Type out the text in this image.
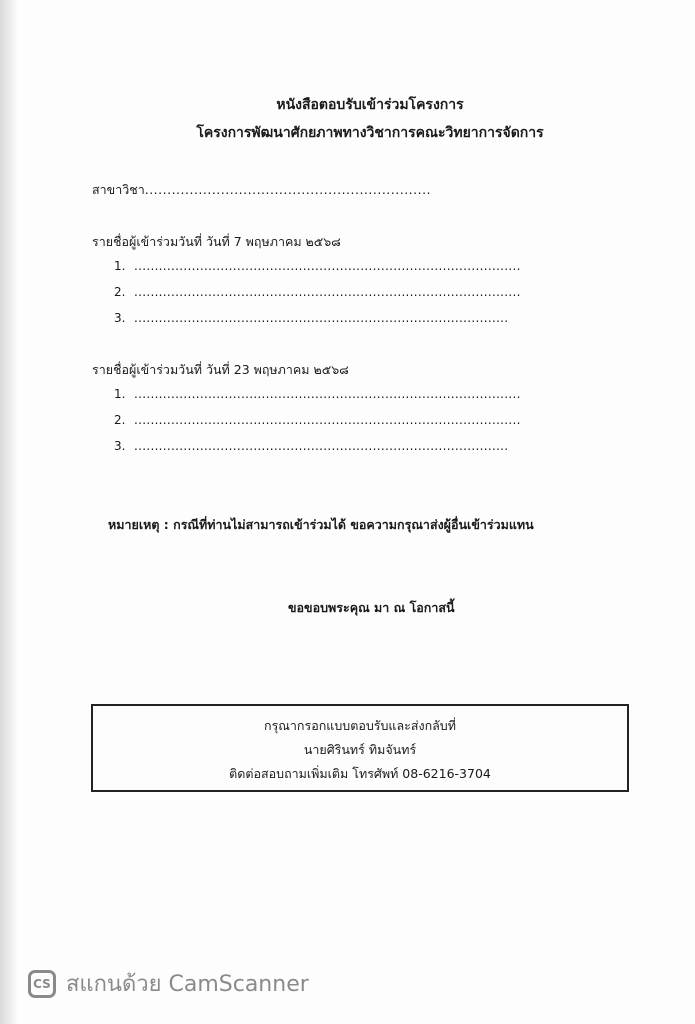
หนังสือตอบรับเข้าร่วมโครงการ
โครงการพัฒนาศักยภาพทางวิชาการคณะวิทยาการจัดการ
สาขาวิชา................................................................
รายชื่อผู้เข้าร่วมวันที่ วันที่ 7 พฤษภาคม ๒๕๖๘
1. ..............................................................................................
2. ..............................................................................................
3. ...........................................................................................
รายชื่อผู้เข้าร่วมวันที่ วันที่ 23 พฤษภาคม ๒๕๖๘
1. ..............................................................................................
2. ..............................................................................................
3. ...........................................................................................
หมายเหตุ : กรณีที่ท่านไม่สามารถเข้าร่วมได้ ขอความกรุณาส่งผู้อื่นเข้าร่วมแทน
ขอขอบพระคุณ มา ณ โอกาสนี้
กรุณากรอกแบบตอบรับและส่งกลับที่
นายศิรินทร์ ทิมจันทร์
ติดต่อสอบถามเพิ่มเติม โทรศัพท์ 08-6216-3704
CS สแกนด้วย CamScanner
